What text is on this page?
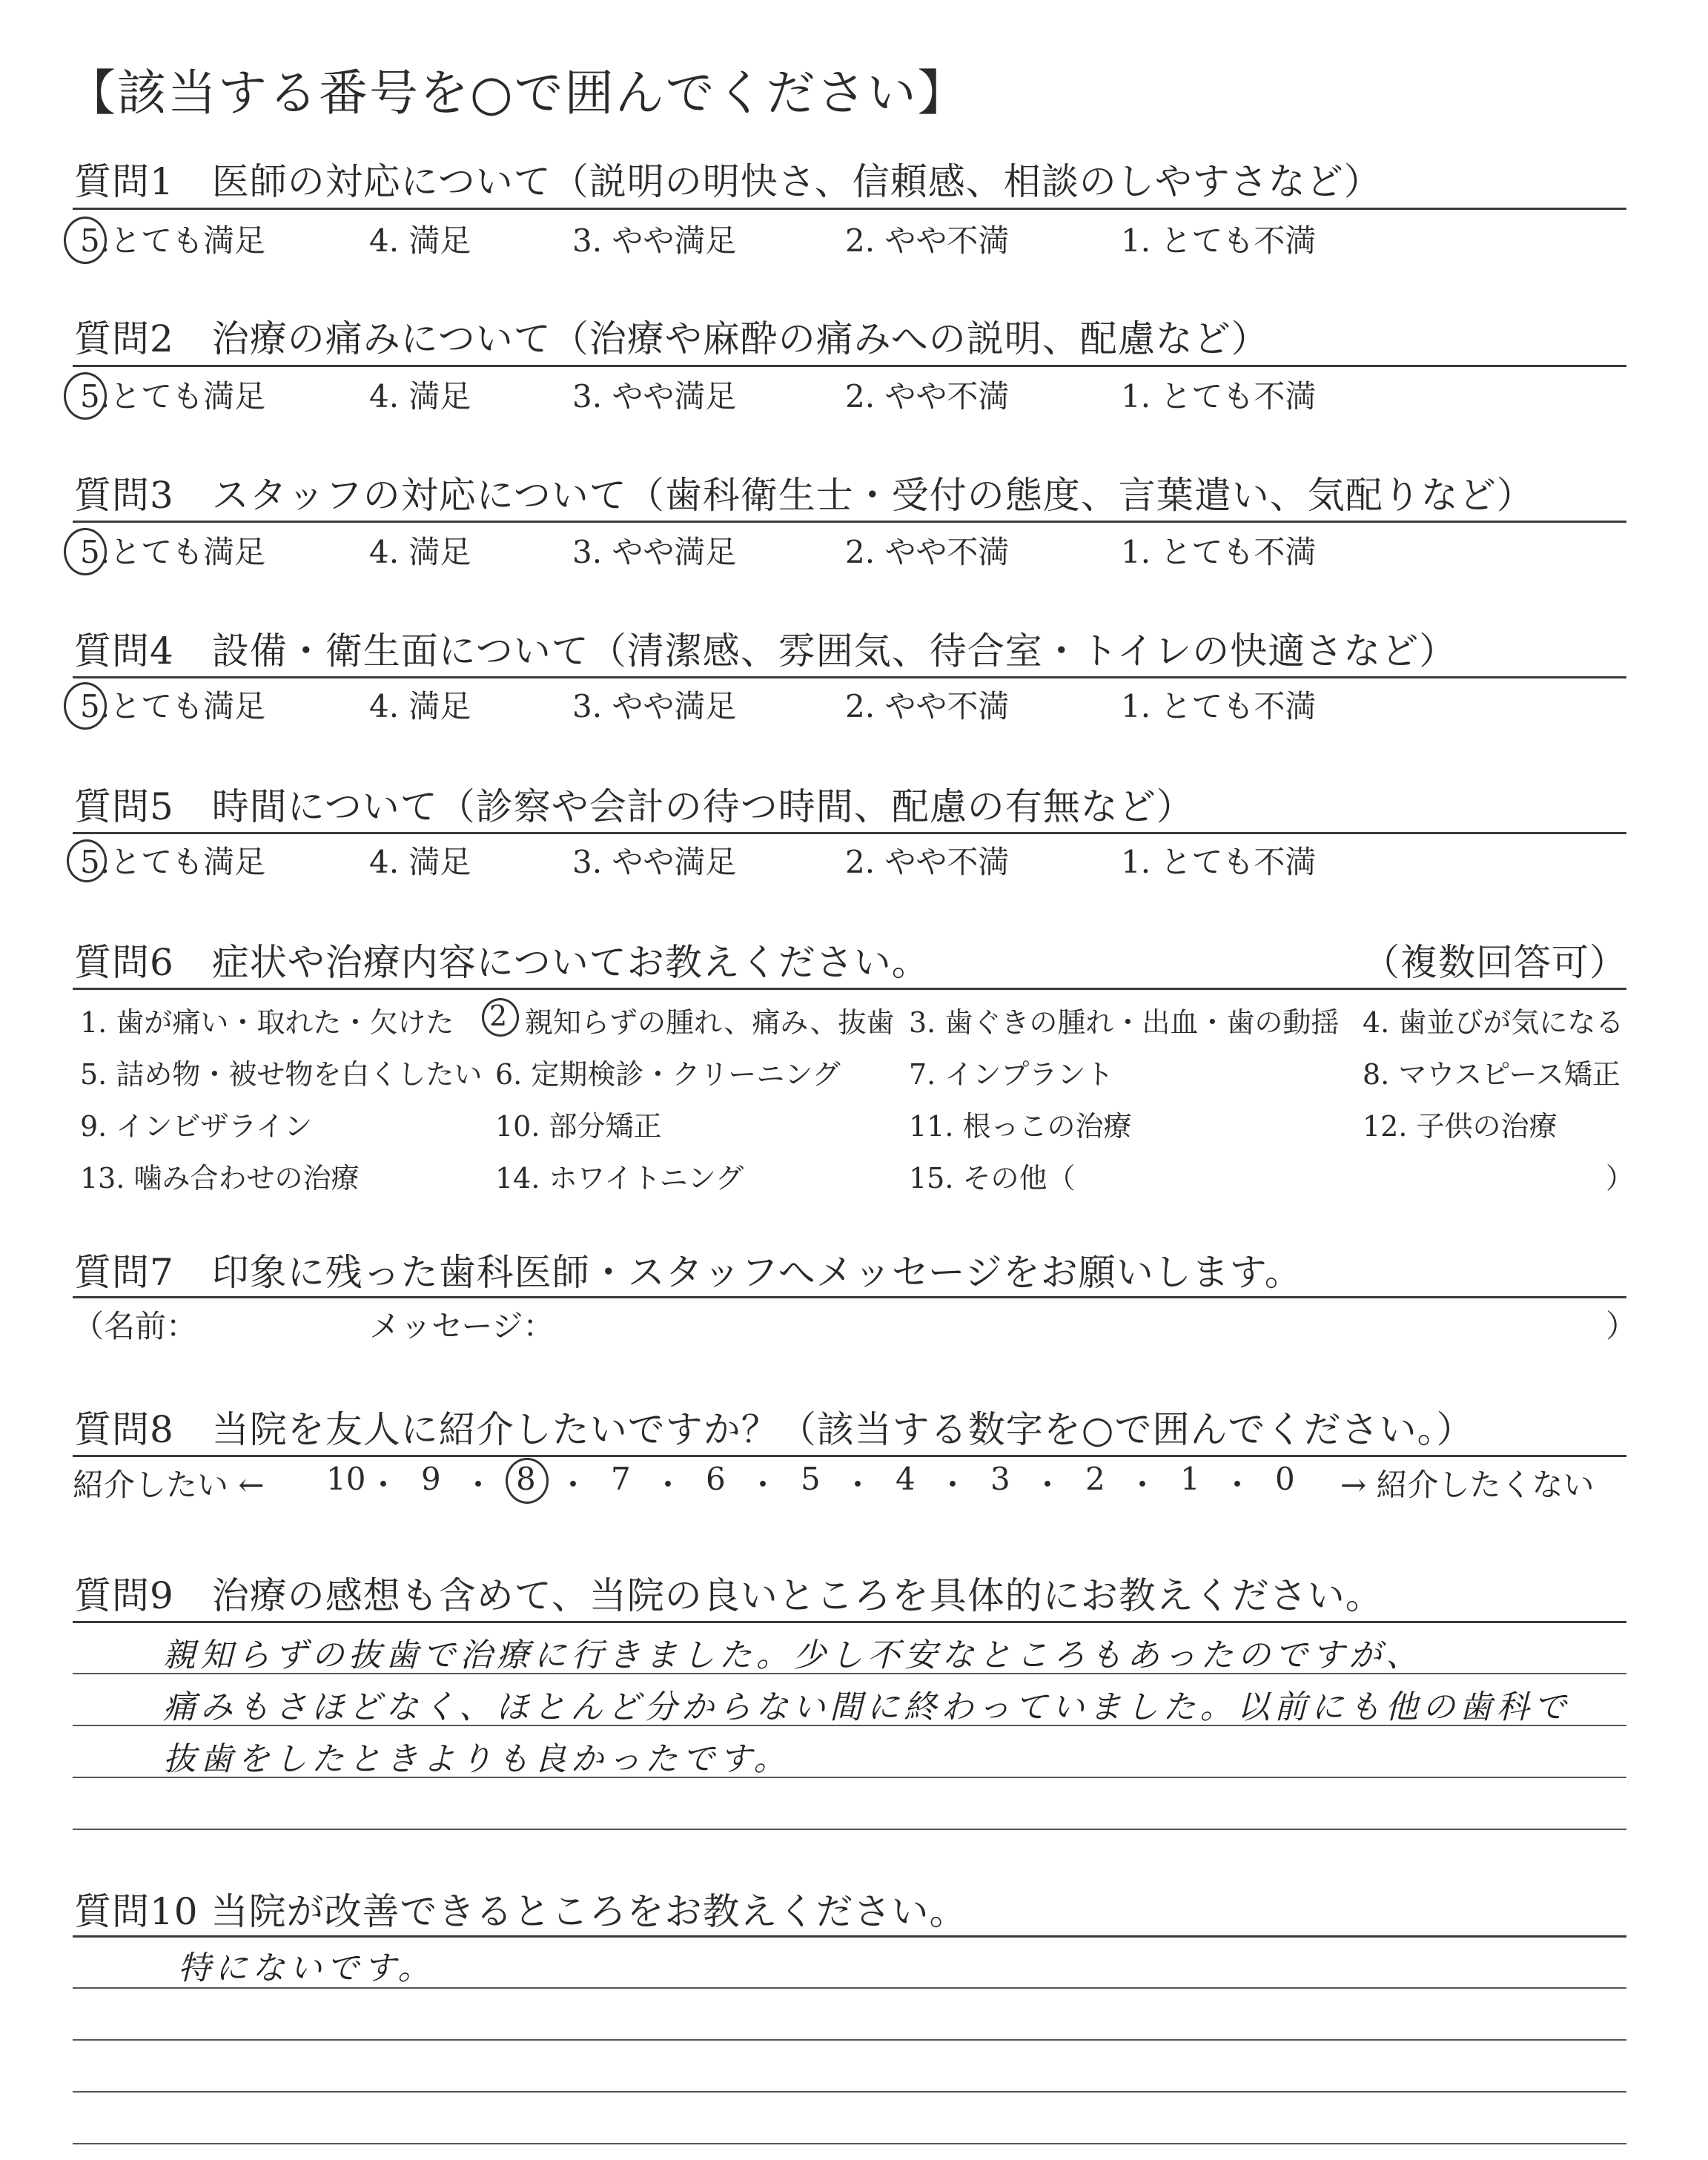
【該当する番号を○で囲んでください】
質問1　医師の対応について（説明の明快さ、信頼感、相談のしやすさなど）
5.とても満足	4. 満足	3. やや満足	2. やや不満	1. とても不満
質問2　治療の痛みについて（治療や麻酔の痛みへの説明、配慮など）
5.とても満足	4. 満足	3. やや満足	2. やや不満	1. とても不満
質問3　スタッフの対応について（歯科衛生士・受付の態度、言葉遣い、気配りなど）
5.とても満足	4. 満足	3. やや満足	2. やや不満	1. とても不満
質問4　設備・衛生面について（清潔感、雰囲気、待合室・トイレの快適さなど）
5.とても満足	4. 満足	3. やや満足	2. やや不満	1. とても不満
質問5　時間について（診察や会計の待つ時間、配慮の有無など）
5.とても満足	4. 満足	3. やや満足	2. やや不満	1. とても不満
質問6　症状や治療内容についてお教えください。	（複数回答可）
1. 歯が痛い・取れた・欠けた 2 親知らずの腫れ、痛み、抜歯 3. 歯ぐきの腫れ・出血・歯の動揺 4. 歯並びが気になる
5. 詰め物・被せ物を白くしたい 6. 定期検診・クリーニング 7. インプラント	8. マウスピース矯正
9. インビザライン	10. 部分矯正	11. 根っこの治療	12. 子供の治療
13. 噛み合わせの治療	14. ホワイトニング	15. その他（	）
質問7　印象に残った歯科医師・スタッフへメッセージをお願いします。
（名前：	メッセージ：	）
質問8　当院を友人に紹介したいですか？（該当する数字を○で囲んでください。）
紹介したい ←	→ 紹介したくない
10 ・ 9 ・ 8 ・ 7 ・ 6 ・ 5 ・ 4 ・ 3 ・ 2 ・ 1 ・ 0
質問9　治療の感想も含めて、当院の良いところを具体的にお教えください。
親知らずの抜歯で治療に行きました。少し不安なところもあったのですが、
痛みもさほどなく、ほとんど分からない間に終わっていました。以前にも他の歯科で
抜歯をしたときよりも良かったです。
質問10 当院が改善できるところをお教えください。
特にないです。
